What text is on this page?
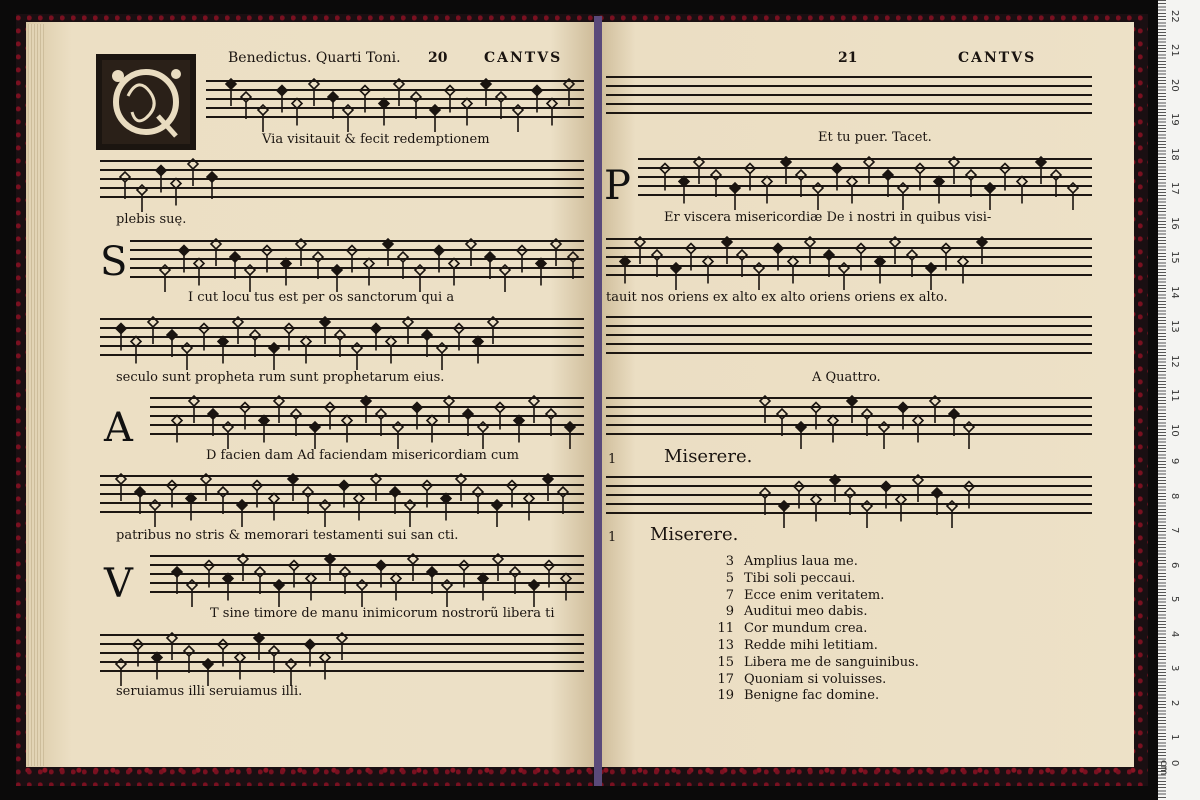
Benedictus. Quarti Toni. 20	CANTVS
Via visitauit & fecit redemptionem
plebis suę.
S
I cut locu tus est per os sanctorum qui a
seculo sunt propheta rum sunt prophetarum eius.
A
D facien dam Ad faciendam misericordiam cum
patribus no stris & memorari testamenti sui san cti.
V
T sine timore de manu inimicorum nostrorũ libera ti
seruiamus illi seruiamus illi.
21	CANTVS
Et tu puer. Tacet.
P
Er viscera misericordiæ De i nostri in quibus visi-
tauit nos oriens ex alto ex alto oriens oriens ex alto.
A Quattro.
1	Miserere.
1 Miserere.
3 Amplius laua me.
5 Tibi soli peccaui.
7 Ecce enim veritatem.
9 Auditui meo dabis.
11 Cor mundum crea.
13 Redde mihi letitiam.
15 Libera me de sanguinibus.
17 Quoniam si voluisses.
19 Benigne fac domine.
0 cm
1
2
3
4
5
6
7
8
9
10
11
12
13
14
15
16
17
18
19
20
21
22
